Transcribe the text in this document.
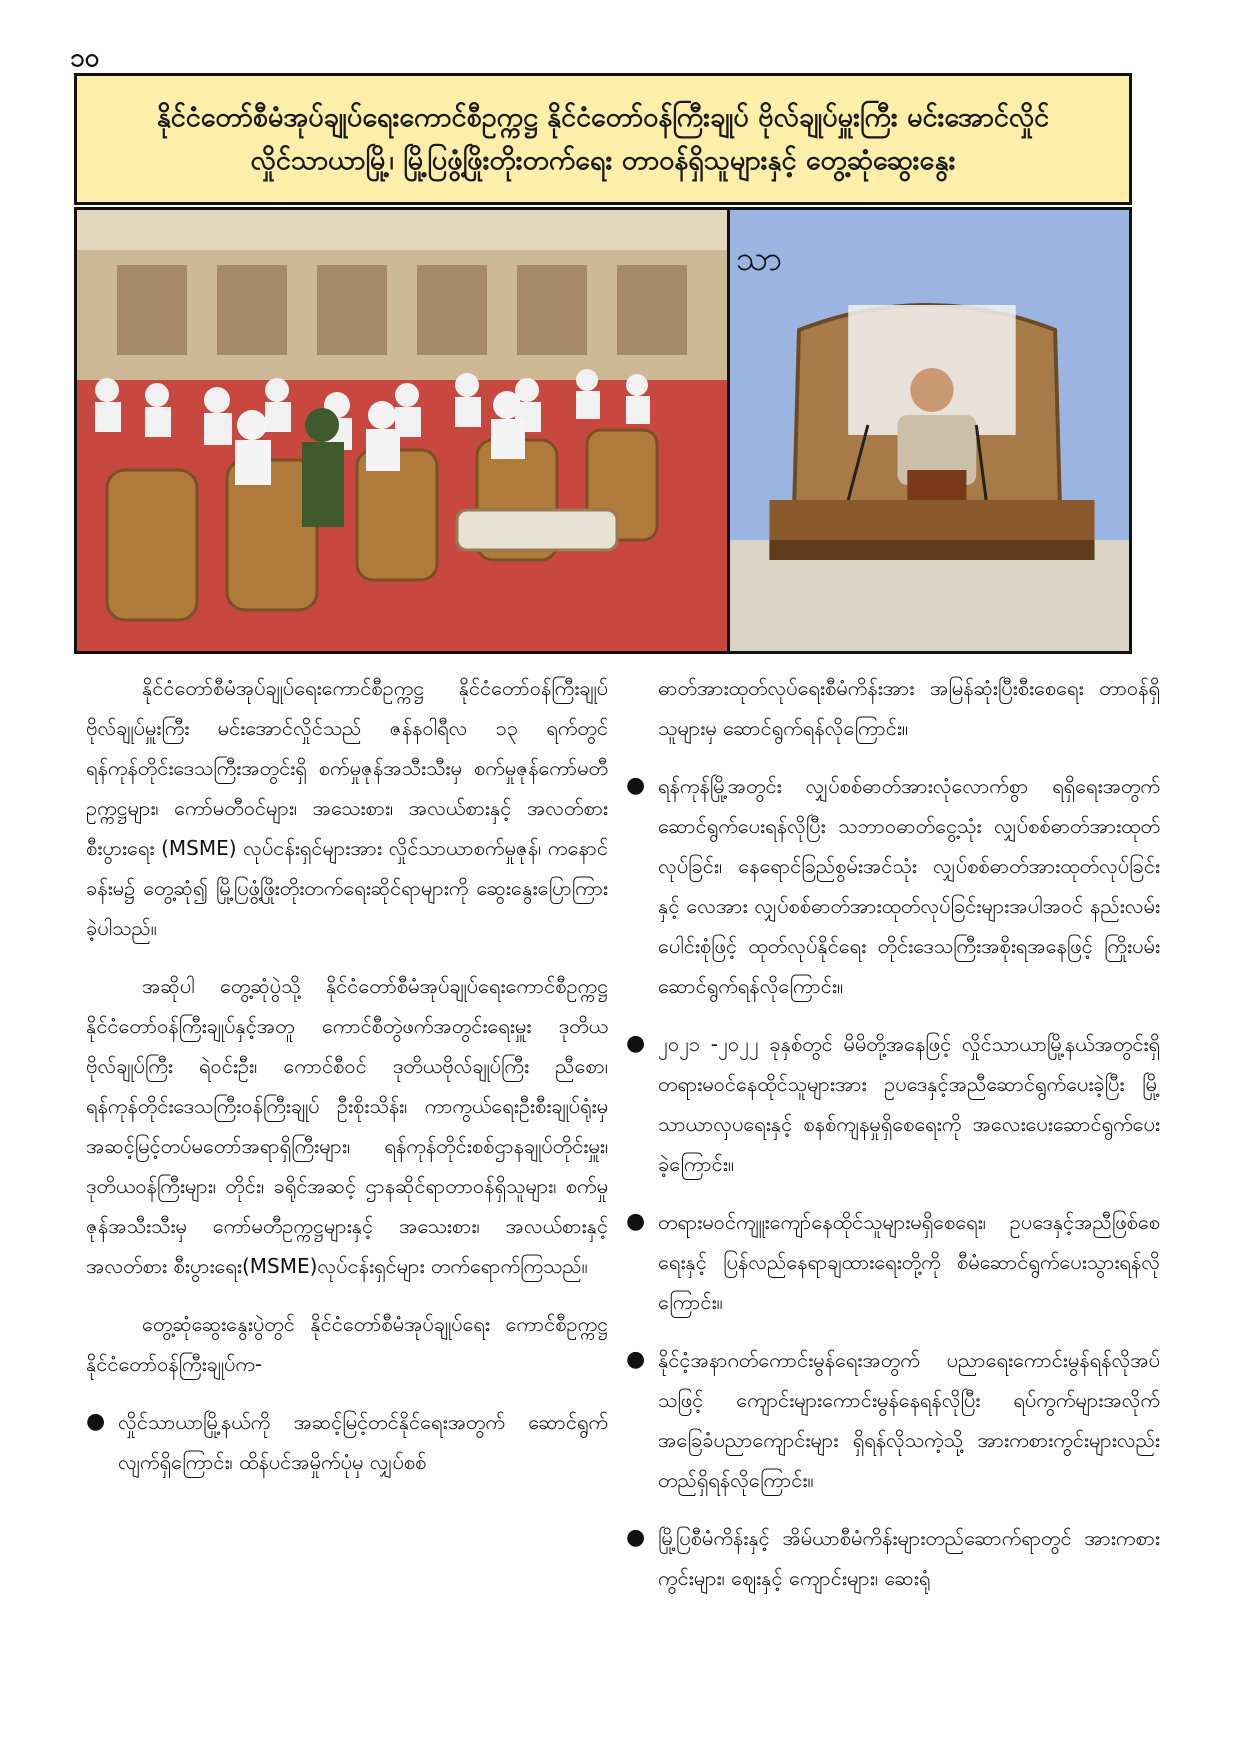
၁၀
နိုင်ငံတော်စီမံအုပ်ချုပ်ရေးကောင်စီဥက္ကဋ္ဌ နိုင်ငံတော်ဝန်ကြီးချုပ် ဗိုလ်ချုပ်မှူးကြီး မင်းအောင်လှိုင်
လှိုင်သာယာမြို့၊ မြို့ပြဖွံ့ဖြိုးတိုးတက်ရေး တာဝန်ရှိသူများနှင့် တွေ့ဆုံဆွေးနွေး
သာ

နိုင်ငံတော်စီမံအုပ်ချုပ်ရေးကောင်စီဥက္ကဋ္ဌ နိုင်ငံတော်ဝန်ကြီးချုပ် ဗိုလ်ချုပ်မှူးကြီး မင်းအောင်လှိုင်သည် ဇန်နဝါရီလ ၁၃ ရက်တွင် ရန်ကုန်တိုင်းဒေသကြီးအတွင်းရှိ စက်မှုဇုန်အသီးသီးမှ စက်မှုဇုန်ကော်မတီဥက္ကဋ္ဌများ၊ ကော်မတီဝင်များ၊ အသေးစား၊ အလယ်စားနှင့် အလတ်စားစီးပွားရေး (MSME) လုပ်ငန်းရှင်များအား လှိုင်သာယာစက်မှုဇုန်၊ ကနောင်ခန်းမ၌ တွေ့ဆုံ၍ မြို့ပြဖွံ့ဖြိုးတိုးတက်ရေးဆိုင်ရာများကို ဆွေးနွေးပြောကြားခဲ့ပါသည်။

အဆိုပါ တွေ့ဆုံပွဲသို့ နိုင်ငံတော်စီမံအုပ်ချုပ်ရေးကောင်စီဥက္ကဋ္ဌ နိုင်ငံတော်ဝန်ကြီးချုပ်နှင့်အတူ ကောင်စီတွဲဖက်အတွင်းရေးမှူး ဒုတိယဗိုလ်ချုပ်ကြီး ရဲဝင်းဦး၊ ကောင်စီဝင် ဒုတိယဗိုလ်ချုပ်ကြီး ညီစော၊ ရန်ကုန်တိုင်းဒေသကြီးဝန်ကြီးချုပ် ဦးစိုးသိန်း၊ ကာကွယ်ရေးဦးစီးချုပ်ရုံးမှ အဆင့်မြင့်တပ်မတော်အရာရှိကြီးများ၊ ရန်ကုန်တိုင်းစစ်ဌာနချုပ်တိုင်းမှူး၊ ဒုတိယဝန်ကြီးများ၊ တိုင်း၊ ခရိုင်အဆင့် ဌာနဆိုင်ရာတာဝန်ရှိသူများ၊ စက်မှုဇုန်အသီးသီးမှ ကော်မတီဥက္ကဋ္ဌများနှင့် အသေးစား၊ အလယ်စားနှင့် အလတ်စား စီးပွားရေး(MSME)လုပ်ငန်းရှင်များ တက်ရောက်ကြသည်။

တွေ့ဆုံဆွေးနွေးပွဲတွင် နိုင်ငံတော်စီမံအုပ်ချုပ်ရေး ကောင်စီဥက္ကဋ္ဌ နိုင်ငံတော်ဝန်ကြီးချုပ်က-

● လှိုင်သာယာမြို့နယ်ကို အဆင့်မြင့်တင်နိုင်ရေးအတွက် ဆောင်ရွက်လျက်ရှိကြောင်း၊ ထိန်ပင်အမှိုက်ပုံမှ လျှပ်စစ်

ဓာတ်အားထုတ်လုပ်ရေးစီမံကိန်းအား အမြန်ဆုံးပြီးစီးစေရေး တာဝန်ရှိသူများမှ ဆောင်ရွက်ရန်လိုကြောင်း။

● ရန်ကုန်မြို့အတွင်း လျှပ်စစ်ဓာတ်အားလုံလောက်စွာ ရရှိရေးအတွက် ဆောင်ရွက်ပေးရန်လိုပြီး သဘာဝဓာတ်ငွေ့သုံး လျှပ်စစ်ဓာတ်အားထုတ်လုပ်ခြင်း၊ နေရောင်ခြည်စွမ်းအင်သုံး လျှပ်စစ်ဓာတ်အားထုတ်လုပ်ခြင်းနှင့် လေအား လျှပ်စစ်ဓာတ်အားထုတ်လုပ်ခြင်းများအပါအဝင် နည်းလမ်းပေါင်းစုံဖြင့် ထုတ်လုပ်နိုင်ရေး တိုင်းဒေသကြီးအစိုးရအနေဖြင့် ကြိုးပမ်းဆောင်ရွက်ရန်လိုကြောင်း။
● ၂၀၂၁ -၂၀၂၂ ခုနှစ်တွင် မိမိတို့အနေဖြင့် လှိုင်သာယာမြို့နယ်အတွင်းရှိ တရားမဝင်နေထိုင်သူများအား ဥပဒေနှင့်အညီဆောင်ရွက်ပေးခဲ့ပြီး မြို့သာယာလှပရေးနှင့် စနစ်ကျနမှုရှိစေရေးကို အလေးပေးဆောင်ရွက်ပေးခဲ့ကြောင်း။
● တရားမဝင်ကျူးကျော်နေထိုင်သူများမရှိစေရေး၊ ဥပဒေနှင့်အညီဖြစ်စေရေးနှင့် ပြန်လည်နေရာချထားရေးတို့ကို စီမံဆောင်ရွက်ပေးသွားရန်လိုကြောင်း။
● နိုင်ငံ့အနာဂတ်ကောင်းမွန်ရေးအတွက် ပညာရေးကောင်းမွန်ရန်လိုအပ်သဖြင့် ကျောင်းများကောင်းမွန်နေရန်လိုပြီး ရပ်ကွက်များအလိုက် အခြေခံပညာကျောင်းများ ရှိရန်လိုသကဲ့သို့ အားကစားကွင်းများလည်း တည်ရှိရန်လိုကြောင်း။
● မြို့ပြစီမံကိန်းနှင့် အိမ်ယာစီမံကိန်းများတည်ဆောက်ရာတွင် အားကစားကွင်းများ၊ ဈေးနှင့် ကျောင်းများ၊ ဆေးရုံ
